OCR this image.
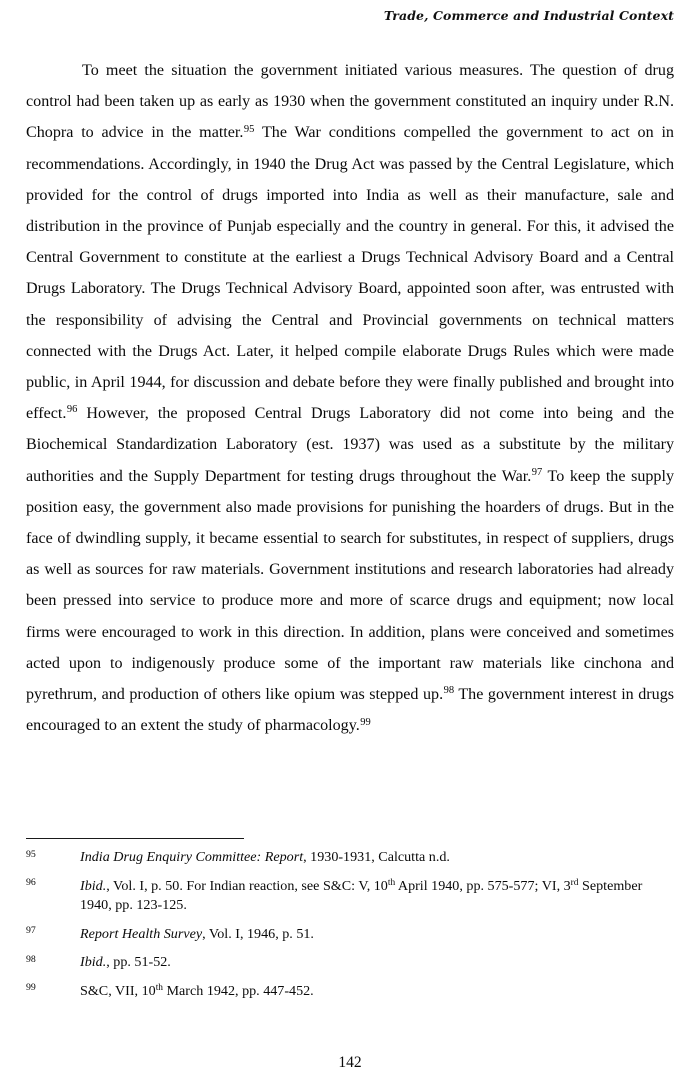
Trade, Commerce and Industrial Context

To meet the situation the government initiated various measures. The question of drug control had been taken up as early as 1930 when the government constituted an inquiry under R.N. Chopra to advice in the matter.$^{95}$ The War conditions compelled the government to act on in recommendations. Accordingly, in 1940 the Drug Act was passed by the Central Legislature, which provided for the control of drugs imported into India as well as their manufacture, sale and distribution in the province of Punjab especially and the country in general. For this, it advised the Central Government to constitute at the earliest a Drugs Technical Advisory Board and a Central Drugs Laboratory. The Drugs Technical Advisory Board, appointed soon after, was entrusted with the responsibility of advising the Central and Provincial governments on technical matters connected with the Drugs Act. Later, it helped compile elaborate Drugs Rules which were made public, in April 1944, for discussion and debate before they were finally published and brought into effect.$^{96}$ However, the proposed Central Drugs Laboratory did not come into being and the Biochemical Standardization Laboratory (est. 1937) was used as a substitute by the military authorities and the Supply Department for testing drugs throughout the War.$^{97}$ To keep the supply position easy, the government also made provisions for punishing the hoarders of drugs. But in the face of dwindling supply, it became essential to search for substitutes, in respect of suppliers, drugs as well as sources for raw materials. Government institutions and research laboratories had already been pressed into service to produce more and more of scarce drugs and equipment; now local firms were encouraged to work in this direction. In addition, plans were conceived and sometimes acted upon to indigenously produce some of the important raw materials like cinchona and pyrethrum, and production of others like opium was stepped up.$^{98}$ The government interest in drugs encouraged to an extent the study of pharmacology.$^{99}$

95	India Drug Enquiry Committee: Report, 1930-1931, Calcutta n.d.
96	Ibid., Vol. I, p. 50. For Indian reaction, see S&C: V, 10th April 1940, pp. 575-577; VI, 3rd September 1940, pp. 123-125.
97	Report Health Survey, Vol. I, 1946, p. 51.
98	Ibid., pp. 51-52.
99	S&C, VII, 10th March 1942, pp. 447-452.
142
